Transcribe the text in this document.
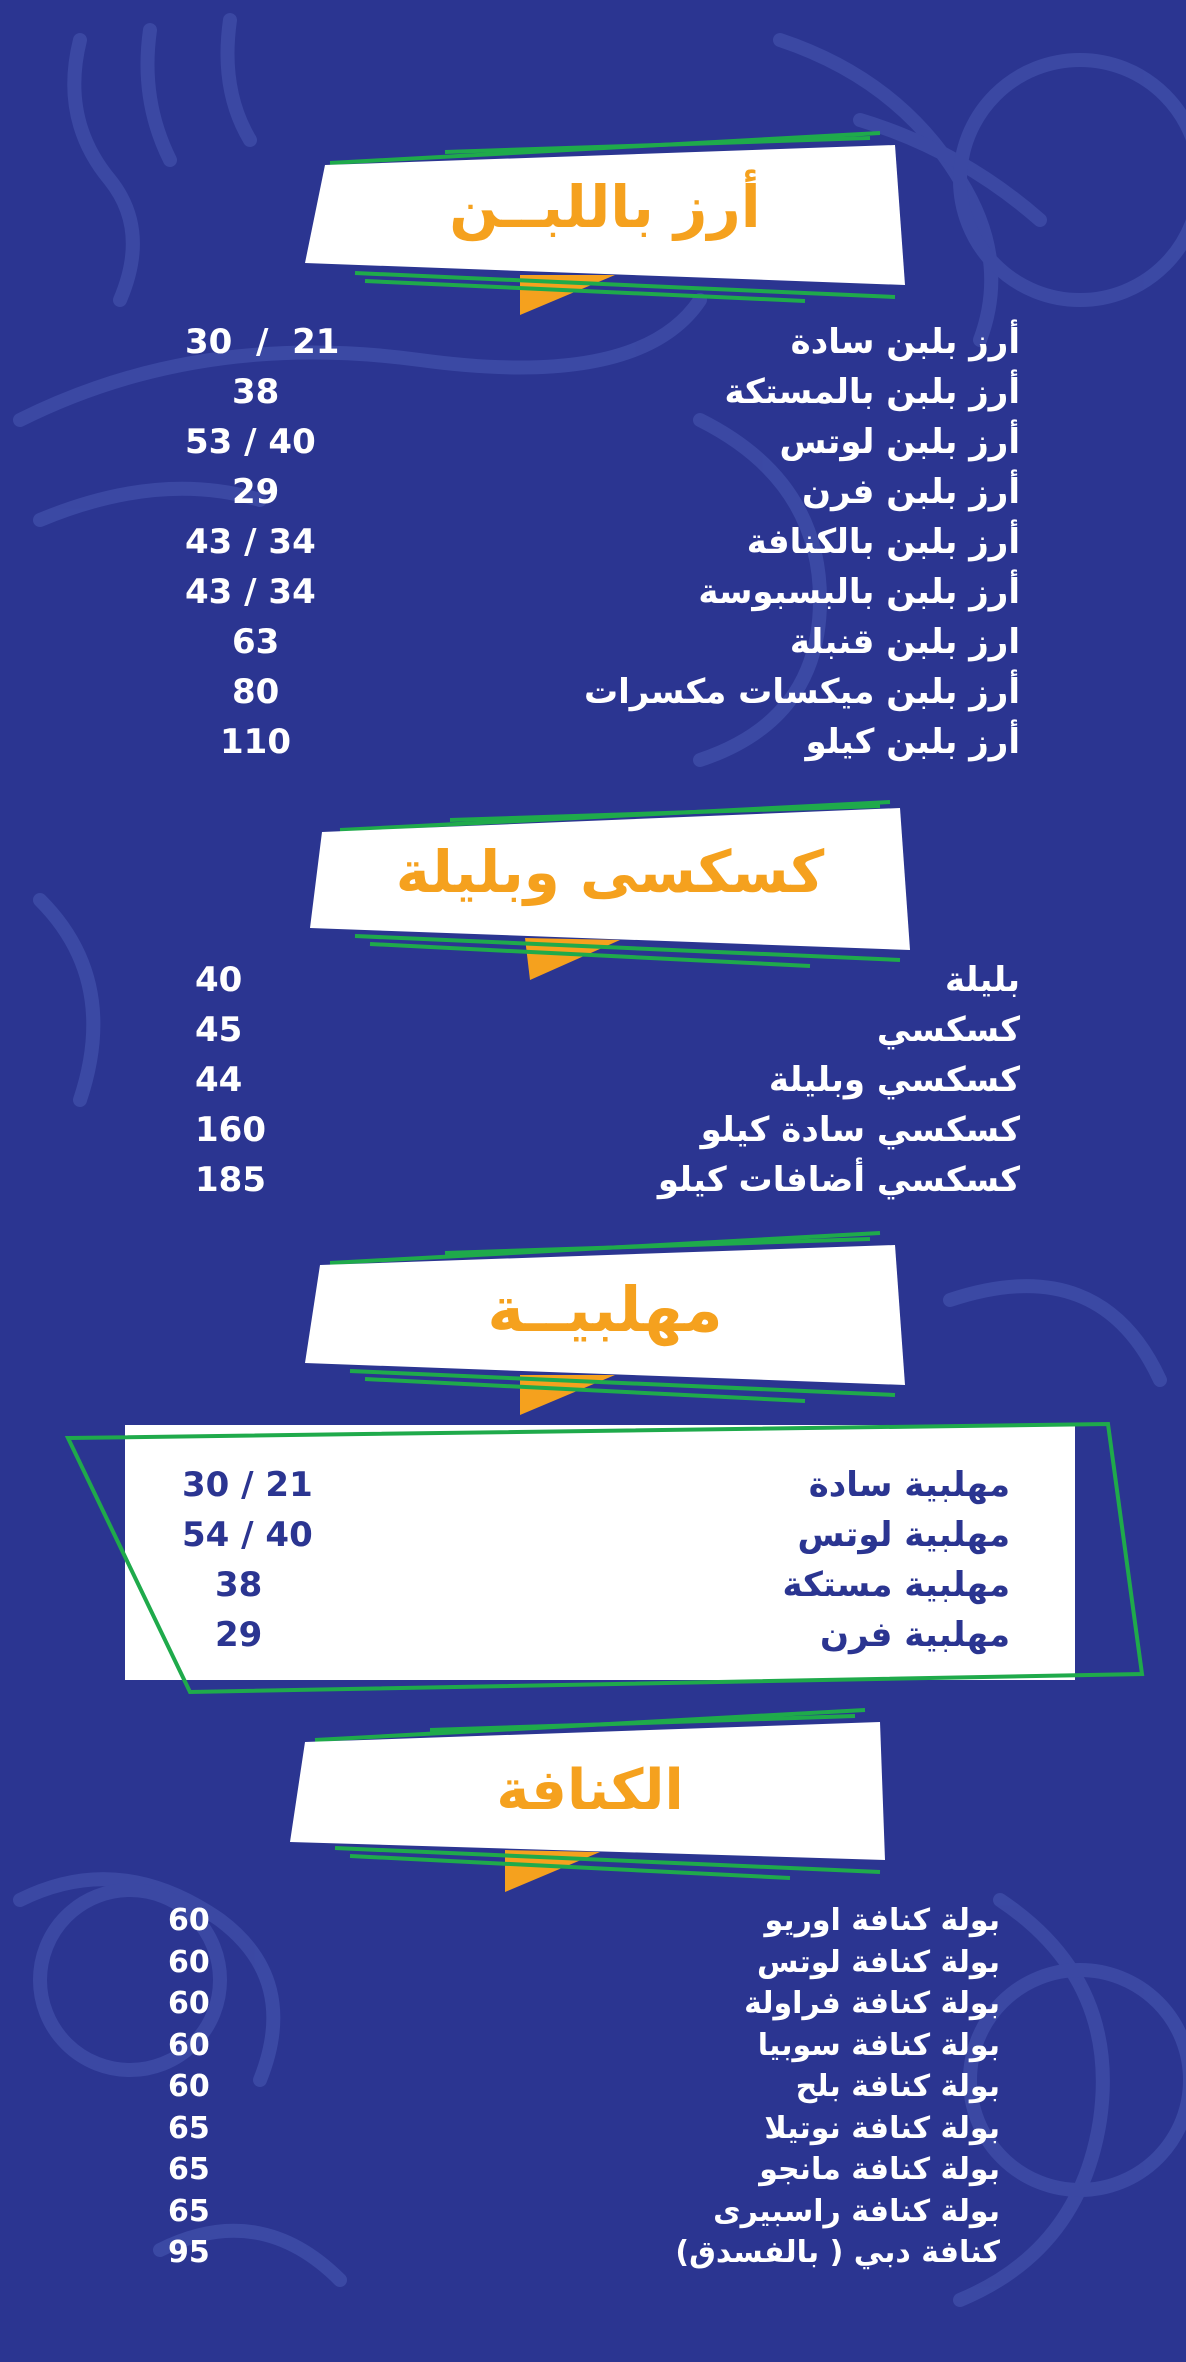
أرز باللبــن
أرز بلبن سادة
30  /  21
أرز بلبن بالمستكة
38
أرز بلبن لوتس
53 / 40
أرز بلبن فرن
29
أرز بلبن بالكنافة
43 / 34
أرز بلبن بالبسبوسة
43 / 34
ارز بلبن قنبلة
63
أرز بلبن ميكسات مكسرات
80
أرز بلبن كيلو
110
كسكسى وبليلة
بليلة
40
كسكسي
45
كسكسي وبليلة
44
كسكسي سادة كيلو
160
كسكسي أضافات كيلو
185
مهلبيــة
مهلبية سادة
30 / 21
مهلبية لوتس
54 / 40
مهلبية مستكة
38
مهلبية فرن
29
الكنافة
بولة كنافة اوريو
60
بولة كنافة لوتس
60
بولة كنافة فراولة
60
بولة كنافة سوبيا
60
بولة كنافة بلح
60
بولة كنافة نوتيلا
65
بولة كنافة مانجو
65
بولة كنافة راسبيرى
65
كنافة دبي ( بالفسدق)
95
